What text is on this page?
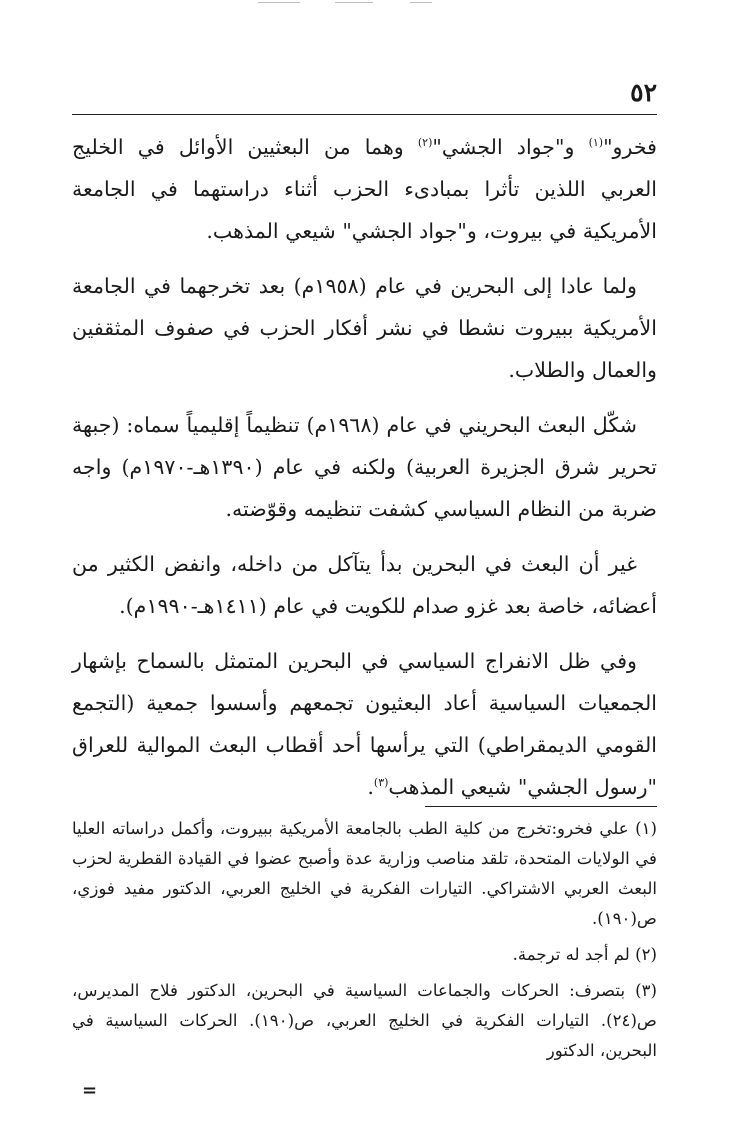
٥٢

فخرو"$^{(١)}$ و"جواد الجشي"$^{(٢)}$ وهما من البعثيين الأوائل في الخليج العربي اللذين تأثرا بمبادىء الحزب أثناء دراستهما في الجامعة الأمريكية في بيروت، و"جواد الجشي" شيعي المذهب.

ولما عادا إلى البحرين في عام (١٩٥٨م) بعد تخرجهما في الجامعة الأمريكية ببيروت نشطا في نشر أفكار الحزب في صفوف المثقفين والعمال والطلاب.

شكّل البعث البحريني في عام (١٩٦٨م) تنظيماً إقليمياً سماه: (جبهة تحرير شرق الجزيرة العربية) ولكنه في عام (١٣٩٠هـ-١٩٧٠م) واجه ضربة من النظام السياسي كشفت تنظيمه وقوّضته.

غير أن البعث في البحرين بدأ يتآكل من داخله، وانفض الكثير من أعضائه، خاصة بعد غزو صدام للكويت في عام (١٤١١هـ-١٩٩٠م).

وفي ظل الانفراج السياسي في البحرين المتمثل بالسماح بإشهار الجمعيات السياسية أعاد البعثيون تجمعهم وأسسوا جمعية (التجمع القومي الديمقراطي) التي يرأسها أحد أقطاب البعث الموالية للعراق "رسول الجشي" شيعي المذهب$^{(٣)}$.

(١) علي فخرو:تخرج من كلية الطب بالجامعة الأمريكية ببيروت، وأكمل دراساته العليا في الولايات المتحدة، تلقد مناصب وزارية عدة وأصبح عضوا في القيادة القطرية لحزب البعث العربي الاشتراكي. التيارات الفكرية في الخليج العربي، الدكتور مفيد فوزي، ص(١٩٠).

(٢) لم أجد له ترجمة.

(٣) بتصرف: الحركات والجماعات السياسية في البحرين، الدكتور فلاح المديرس، ص(٢٤). التيارات الفكرية في الخليج العربي، ص(١٩٠). الحركات السياسية في البحرين، الدكتور

=
